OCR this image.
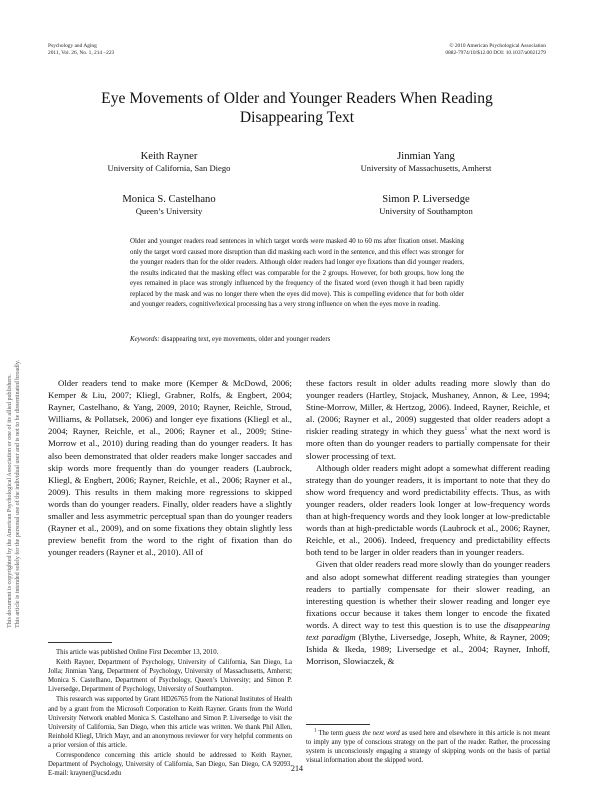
Psychology and Aging
2011, Vol. 26, No. 1, 214 –223
© 2010 American Psychological Association
0882-7974/10/$12.00 DOI: 10.1037/a0021279
Eye Movements of Older and Younger Readers When Reading
Disappearing Text
Keith Rayner
University of California, San Diego
Jinmian Yang
University of Massachusetts, Amherst
Monica S. Castelhano
Queen’s University
Simon P. Liversedge
University of Southampton
Older and younger readers read sentences in which target words were masked 40 to 60 ms after fixation onset. Masking only the target word caused more disruption than did masking each word in the sentence, and this effect was stronger for the younger readers than for the older readers. Although older readers had longer eye fixations than did younger readers, the results indicated that the masking effect was comparable for the 2 groups. However, for both groups, how long the eyes remained in place was strongly influenced by the frequency of the fixated word (even though it had been rapidly replaced by the mask and was no longer there when the eyes did move). This is compelling evidence that for both older and younger readers, cognitive/lexical processing has a very strong influence on when the eyes move in reading.
Keywords: disappearing text, eye movements, older and younger readers

Older readers tend to make more (Kemper & McDowd, 2006; Kemper & Liu, 2007; Kliegl, Grabner, Rolfs, & Engbert, 2004; Rayner, Castelhano, & Yang, 2009, 2010; Rayner, Reichle, Stroud, Williams, & Pollatsek, 2006) and longer eye fixations (Kliegl et al., 2004; Rayner, Reichle, et al., 2006; Rayner et al., 2009; Stine-Morrow et al., 2010) during reading than do younger readers. It has also been demonstrated that older readers make longer saccades and skip words more frequently than do younger readers (Laubrock, Kliegl, & Engbert, 2006; Rayner, Reichle, et al., 2006; Rayner et al., 2009). This results in them making more regressions to skipped words than do younger readers. Finally, older readers have a slightly smaller and less asymmetric perceptual span than do younger readers (Rayner et al., 2009), and on some fixations they obtain slightly less preview benefit from the word to the right of fixation than do younger readers (Rayner et al., 2010). All of

these factors result in older adults reading more slowly than do younger readers (Hartley, Stojack, Mushaney, Annon, & Lee, 1994; Stine-Morrow, Miller, & Hertzog, 2006). Indeed, Rayner, Reichle, et al. (2006; Rayner et al., 2009) suggested that older readers adopt a riskier reading strategy in which they guess$^1$ what the next word is more often than do younger readers to partially compensate for their slower processing of text.

Although older readers might adopt a somewhat different reading strategy than do younger readers, it is important to note that they do show word frequency and word predictability effects. Thus, as with younger readers, older readers look longer at low-frequency words than at high-frequency words and they look longer at low-predictable words than at high-predictable words (Laubrock et al., 2006; Rayner, Reichle, et al., 2006). Indeed, frequency and predictability effects both tend to be larger in older readers than in younger readers.

Given that older readers read more slowly than do younger readers and also adopt somewhat different reading strategies than younger readers to partially compensate for their slower reading, an interesting question is whether their slower reading and longer eye fixations occur because it takes them longer to encode the fixated words. A direct way to test this question is to use the disappearing text paradigm (Blythe, Liversedge, Joseph, White, & Rayner, 2009; Ishida & Ikeda, 1989; Liversedge et al., 2004; Rayner, Inhoff, Morrison, Slowiaczek, &

This article was published Online First December 13, 2010.

Keith Rayner, Department of Psychology, University of California, San Diego, La Jolla; Jinmian Yang, Department of Psychology, University of Massachusetts, Amherst; Monica S. Castelhano, Department of Psychology, Queen’s University; and Simon P. Liversedge, Department of Psychology, University of Southampton.

This research was supported by Grant HD26765 from the National Institutes of Health and by a grant from the Microsoft Corporation to Keith Rayner. Grants from the World University Network enabled Monica S. Castelhano and Simon P. Liversedge to visit the University of California, San Diego, when this article was written. We thank Phil Allen, Reinhold Kliegl, Ulrich Mayr, and an anonymous reviewer for very helpful comments on a prior version of this article.

Correspondence concerning this article should be addressed to Keith Rayner, Department of Psychology, University of California, San Diego, San Diego, CA 92093. E-mail: krayner@ucsd.edu

$^1$ The term guess the next word as used here and elsewhere in this article is not meant to imply any type of conscious strategy on the part of the reader. Rather, the processing system is unconsciously engaging a strategy of skipping words on the basis of partial visual information about the skipped word.

214
This document is copyrighted by the American Psychological Association or one of its allied publishers. This article is intended solely for the personal use of the individual user and is not to be disseminated broadly.
